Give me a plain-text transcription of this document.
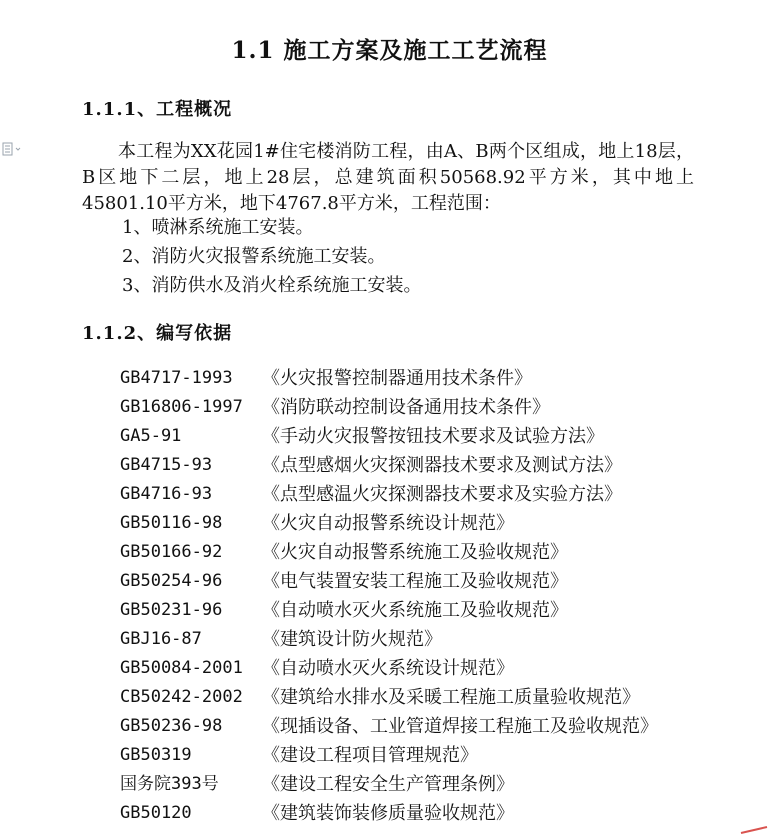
1.1 施工方案及施工工艺流程
1.1.1、工程概况
本工程为XX花园1#住宅楼消防工程，由A、B两个区组成，地上18层，B区地下二层，地上28层，总建筑面积50568.92平方米，其中地上45801.10平方米，地下4767.8平方米，工程范围：
1、喷淋系统施工安装。
2、消防火灾报警系统施工安装。
3、消防供水及消火栓系统施工安装。
1.1.2、编写依据
GB4717-1993 《火灾报警控制器通用技术条件》
GB16806-1997 《消防联动控制设备通用技术条件》
GA5-91	《手动火灾报警按钮技术要求及试验方法》
GB4715-93	《点型感烟火灾探测器技术要求及测试方法》
GB4716-93	《点型感温火灾探测器技术要求及实验方法》
GB50116-98 《火灾自动报警系统设计规范》
GB50166-92 《火灾自动报警系统施工及验收规范》
GB50254-96 《电气装置安装工程施工及验收规范》
GB50231-96 《自动喷水灭火系统施工及验收规范》
GBJ16-87	《建筑设计防火规范》
GB50084-2001 《自动喷水灭火系统设计规范》
CB50242-2002 《建筑给水排水及采暖工程施工质量验收规范》
GB50236-98 《现插设备、工业管道焊接工程施工及验收规范》
GB50319	《建设工程项目管理规范》
国务院393号 《建设工程安全生产管理条例》
GB50120	《建筑装饰装修质量验收规范》
